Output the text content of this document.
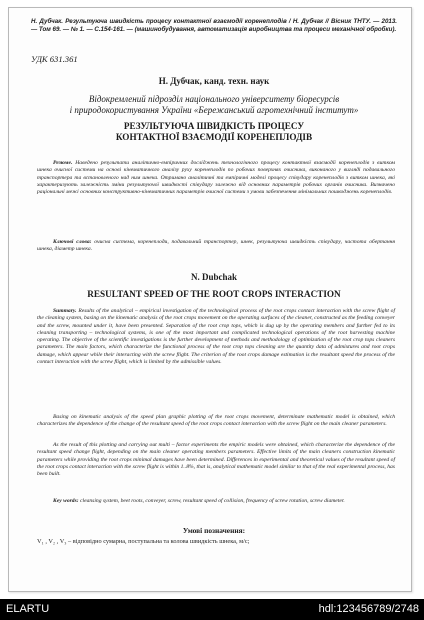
Н. Дубчак. Результуюча швидкість процесу контактної взаємодії коренеплодів / Н. Дубчак // Вісник ТНТУ. — 2013. — Том 69. — № 1. — С.154-161. — (машинобудування, автоматизація виробництва та процеси механічної обробки).
УДК 631.361
Н. Дубчак, канд. техн. наук
Відокремлений підрозділ національного університету біоресурсів
і природокористування України «Бережанський агротехнічний інститут»
РЕЗУЛЬТУЮЧА ШВИДКІСТЬ ПРОЦЕСУ
КОНТАКТНОЇ ВЗАЄМОДІЇ КОРЕНЕПЛОДІВ
Резюме. Наведено результати аналітично-емпіричних досліджень технологічного процесу контактної взаємодії коренеплодів з витком шнека очисної системи на основі кінематичного аналізу руху коренеплодів по робочих поверхнях очисника, виконаного у вигляді подавального транспортера та встановленого над ним шнека. Отримано аналітичні та емпіричні моделі процесу співудару коренеплодів з витком шнека, які характеризують залежність зміни результуючої швидкості співудару залежно від основних параметрів робочих органів очисника. Визначено раціональні межі основних конструктивно-кінематичних параметрів очисної системи з умови забезпечення мінімальних пошкоджень коренеплодів.
Ключові слова: очисна система, коренеплоди, подавальний транспортер, шнек, результуюча швидкість співудару, частота обертання шнека, діаметр шнека.
N. Dubchak
RESULTANT SPEED OF THE ROOT CROPS INTERACTION
Summary. Results of the analytical – empirical investigation of the technological process of the root crops contact interaction with the screw flight of the cleaning system, basing on the kinematic analysis of the root crops movement on the operating surfaces of the cleaner, constructed as the feeding conveyer and the screw, mounted under it, have been presented. Separation of the root crop tops, which is dug up by the operating members and further fed to its cleaning transporting – technological systems, is one of the most important and complicated technological operations of the root harvesting machine operating. The objective of the scientific investigations is the further development of methods and methodology of optimization of the root crop tops cleaners parameters. The main factors, which characterize the functional process of the root crop tops cleaning are the quantity data of admixtures and root crops damage, which appear while their interacting with the screw flight. The criterion of the root crops damage estimation is the resultant speed the process of the contact interaction with the screw flight, which is limited by the admissible values.
Basing on kinematic analysis of the speed plan graphic plotting of the root crops movement, determinate mathematic model is obtained, which characterizes the dependence of the change of the resultant speed of the root crops contact interaction with the screw flight on the main cleaner parameters.
As the result of this plotting and carrying out multi – factor experiments the empiric models were obtained, which characterize the dependence of the resultant speed change flight, depending on the main cleaner operating members parameters. Effective limits of the main cleaners construction kinematic parameters while providing the root crops minimal damages have been determined. Differences in experimental and theoretical values of the resultant speed of the root crops contact interaction with the screw flight is within 1..8%, that is, analytical mathematic model similar to that of the real experimental process, has been built.
Key words: cleansing system, beet roots, conveyer, screw, resultant speed of collision, frequency of screw rotation, screw diameter.
Умові позначення:
V₁ , V₂ , V₃ – відповідно сумарна, поступальна та колова швидкість шнека, м/с;
ELARTU	hdl:123456789/2748
